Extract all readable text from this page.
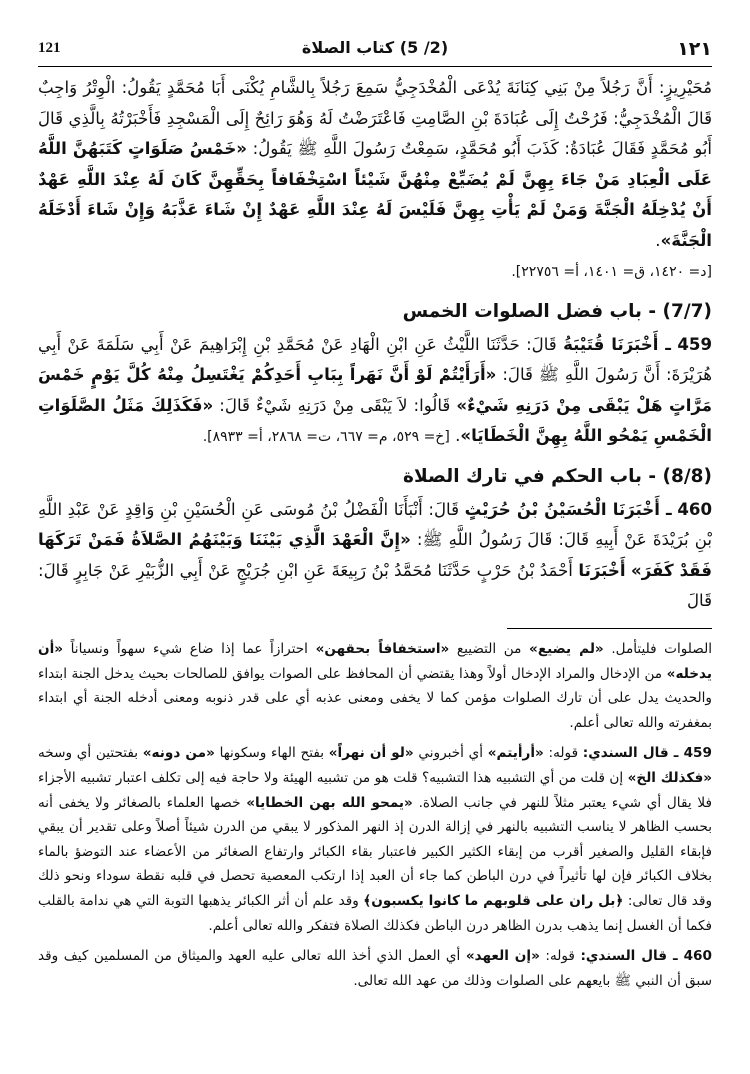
١٢١
(2/ 5) كتاب الصلاة
121

مُحَيْرِيزٍ: أَنَّ رَجُلاً مِنْ بَنِي كِنَانَةَ يُدْعَى الْمُخْدَجِيُّ سَمِعَ رَجُلاً بِالشَّامِ يُكْنَى أَبَا مُحَمَّدٍ يَقُولُ: الْوِتْرُ وَاجِبٌ قَالَ الْمُخْدَجِيُّ: فَرُحْتُ إِلَى عُبَادَةَ بْنِ الصَّامِتِ فَاعْتَرَضْتُ لَهُ وَهُوَ رَائِحٌ إِلَى الْمَسْجِدِ فَأَخْبَرْتُهُ بِالَّذِي قَالَ أَبُو مُحَمَّدٍ فَقَالَ عُبَادَةُ: كَذَبَ أَبُو مُحَمَّدٍ، سَمِعْتُ رَسُولَ اللَّهِ ﷺ يَقُولُ: «خَمْسُ صَلَوَاتٍ كَتَبَهُنَّ اللَّهُ عَلَى الْعِبَادِ مَنْ جَاءَ بِهِنَّ لَمْ يُضَيِّعْ مِنْهُنَّ شَيْئاً اسْتِخْفَافاً بِحَقِّهِنَّ كَانَ لَهُ عِنْدَ اللَّهِ عَهْدٌ أَنْ يُدْخِلَهُ الْجَنَّةَ وَمَنْ لَمْ يَأْتِ بِهِنَّ فَلَيْسَ لَهُ عِنْدَ اللَّهِ عَهْدٌ إِنْ شَاءَ عَذَّبَهُ وَإِنْ شَاءَ أَدْخَلَهُ الْجَنَّةَ».
[د= ١٤٢٠، ق= ١٤٠١، أ= ٢٢٧٥٦].

(7/7) - باب فضل الصلوات الخمس

459 ـ أَخْبَرَنَا قُتَيْبَةُ قَالَ: حَدَّثَنَا اللَّيْثُ عَنِ ابْنِ الْهَادِ عَنْ مُحَمَّدِ بْنِ إِبْرَاهِيمَ عَنْ أَبِي سَلَمَةَ عَنْ أَبِي هُرَيْرَةَ: أَنَّ رَسُولَ اللَّهِ ﷺ قَالَ: «أَرَأَيْتُمْ لَوْ أَنَّ نَهَراً بِبَابِ أَحَدِكُمْ يَغْتَسِلُ مِنْهُ كُلَّ يَوْمٍ خَمْسَ مَرَّاتٍ هَلْ يَبْقَى مِنْ دَرَنِهِ شَيْءٌ» قَالُوا: لاَ يَبْقَى مِنْ دَرَنِهِ شَيْءٌ قَالَ: «فَكَذَلِكَ مَثَلُ الصَّلَوَاتِ الْخَمْسِ يَمْحُو اللَّهُ بِهِنَّ الْخَطَايَا». [خ= ٥٢٩، م= ٦٦٧، ت= ٢٨٦٨، أ= ٨٩٣٣].

(8/8) - باب الحكم في تارك الصلاة

460 ـ أَخْبَرَنَا الْحُسَيْنُ بْنُ حُرَيْثٍ قَالَ: أَنْبَأَنَا الْفَضْلُ بْنُ مُوسَى عَنِ الْحُسَيْنِ بْنِ وَاقِدٍ عَنْ عَبْدِ اللَّهِ بْنِ بُرَيْدَةَ عَنْ أَبِيهِ قَالَ: قَالَ رَسُولُ اللَّهِ ﷺ: «إِنَّ الْعَهْدَ الَّذِي بَيْنَنَا وَبَيْنَهُمُ الصَّلاَةُ فَمَنْ تَرَكَهَا فَقَدْ كَفَرَ» أَخْبَرَنَا أَحْمَدُ بْنُ حَرْبٍ حَدَّثَنَا مُحَمَّدُ بْنُ رَبِيعَةَ عَنِ ابْنِ جُرَيْجٍ عَنْ أَبِي الزُّبَيْرِ عَنْ جَابِرٍ قَالَ: قَالَ

الصلوات فليتأمل. «لم يضيع» من التضييع «استخفافاً بحقهن» احترازاً عما إذا ضاع شيء سهواً ونسياناً «أن يدخله» من الإدخال والمراد الإدخال أولاً وهذا يقتضي أن المحافظ على الصوات يوافق للصالحات بحيث يدخل الجنة ابتداء والحديث يدل على أن تارك الصلوات مؤمن كما لا يخفى ومعنى عذبه أي على قدر ذنوبه ومعنى أدخله الجنة أي ابتداء بمغفرته والله تعالى أعلم.

459 ـ قال السندي: قوله: «أرأيتم» أي أخبروني «لو أن نهراً» بفتح الهاء وسكونها «من دونه» بفتحتين أي وسخه «فكذلك الخ» إن قلت من أي التشبيه هذا التشبيه؟ قلت هو من تشبيه الهيئة ولا حاجة فيه إلى تكلف اعتبار تشبيه الأجزاء فلا يقال أي شيء يعتبر مثلاً للنهر في جانب الصلاة. «يمحو الله بهن الخطايا» خصها العلماء بالصغائر ولا يخفى أنه بحسب الظاهر لا يناسب التشبيه بالنهر في إزالة الدرن إذ النهر المذكور لا يبقي من الدرن شيئاً أصلاً وعلى تقدير أن يبقي فإبقاء القليل والصغير أقرب من إبقاء الكثير الكبير فاعتبار بقاء الكبائر وارتفاع الصغائر من الأعضاء عند التوضؤ بالماء بخلاف الكبائر فإن لها تأثيراً في درن الباطن كما جاء أن العبد إذا ارتكب المعصية تحصل في قلبه نقطة سوداء ونحو ذلك وقد قال تعالى: ﴿بل ران على قلوبهم ما كانوا يكسبون﴾ وقد علم أن أثر الكبائر يذهبها التوبة التي هي ندامة بالقلب فكما أن الغسل إنما يذهب بدرن الظاهر درن الباطن فكذلك الصلاة فتفكر والله تعالى أعلم.

460 ـ قال السندي: قوله: «إن العهد» أي العمل الذي أخذ الله تعالى عليه العهد والميثاق من المسلمين كيف وقد سبق أن النبي ﷺ بايعهم على الصلوات وذلك من عهد الله تعالى.
